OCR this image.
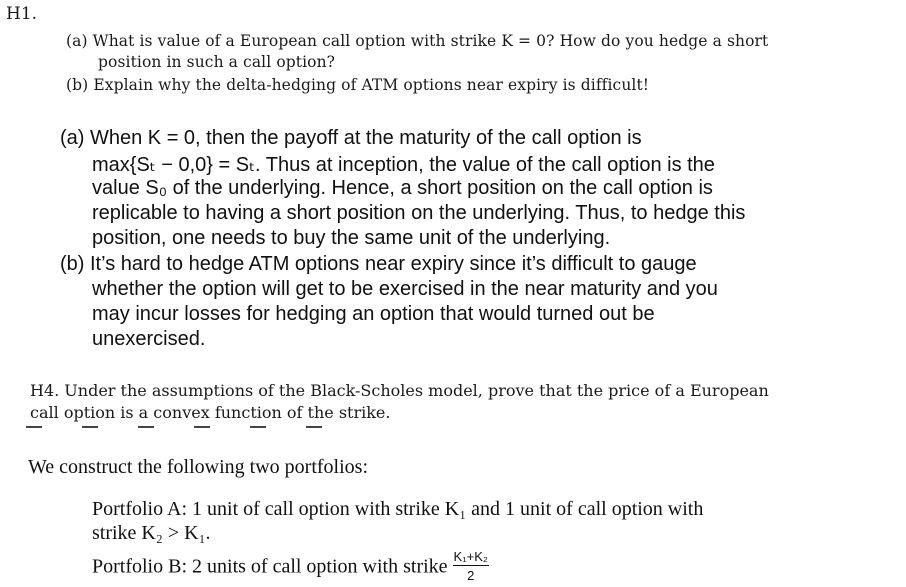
H1.
(a) What is value of a European call option with strike K = 0? How do you hedge a short
position in such a call option?
(b) Explain why the delta-hedging of ATM options near expiry is difficult!
(a) When K = 0, then the payoff at the maturity of the call option is
max{Sₜ − 0,0} = Sₜ. Thus at inception, the value of the call option is the
value S₀ of the underlying. Hence, a short position on the call option is
replicable to having a short position on the underlying. Thus, to hedge this
position, one needs to buy the same unit of the underlying.
(b) It’s hard to hedge ATM options near expiry since it’s difficult to gauge
whether the option will get to be exercised in the near maturity and you
may incur losses for hedging an option that would turned out be
unexercised.
H4. Under the assumptions of the Black-Scholes model, prove that the price of a European
call option is a convex function of the strike.
We construct the following two portfolios:
Portfolio A: 1 unit of call option with strike K₁ and 1 unit of call option with
strike K₂ > K₁.
Portfolio B: 2 units of call option with strike $\frac{\text{K₁+K₂}}{2}$
